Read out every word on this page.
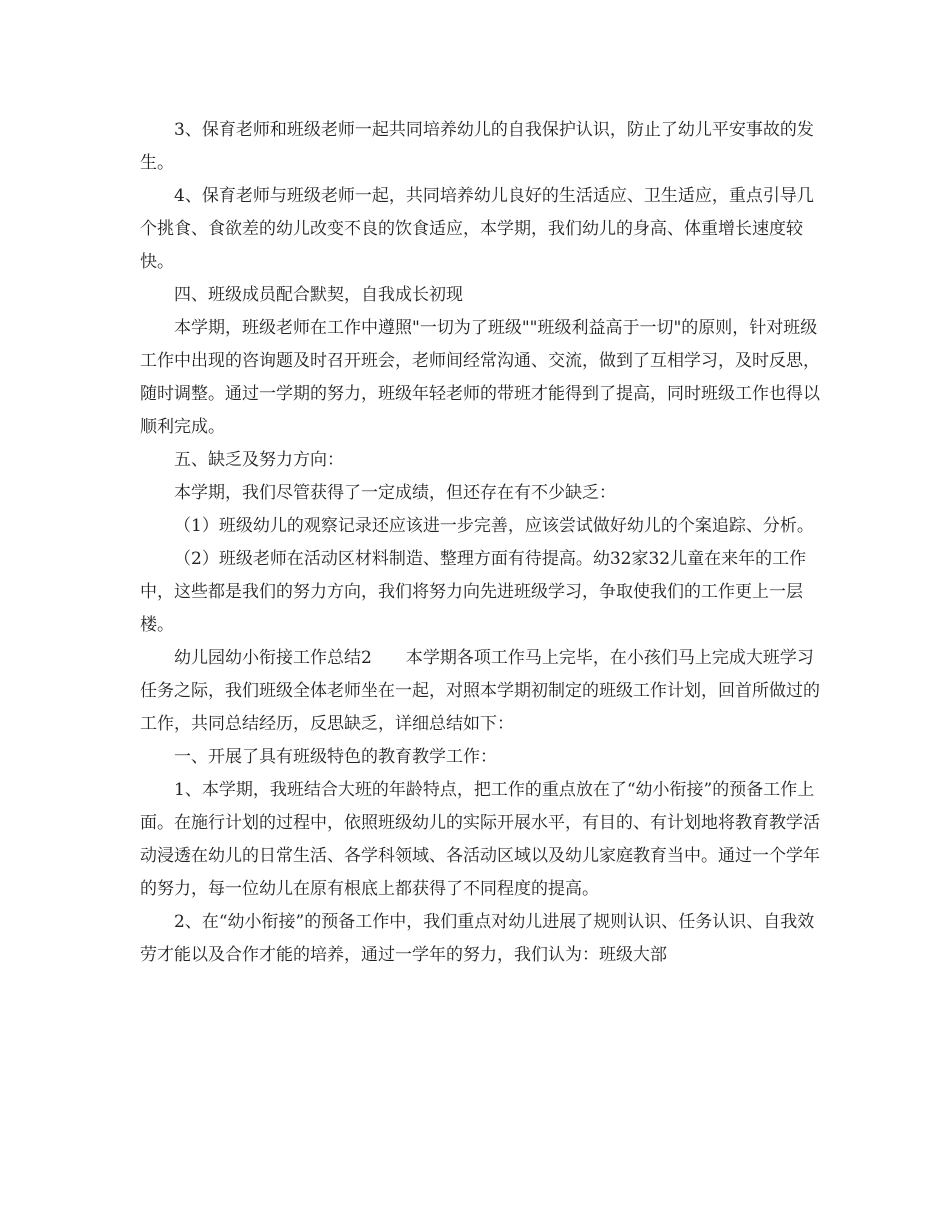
3、保育老师和班级老师一起共同培养幼儿的自我保护认识，防止了幼儿平安事故的发生。

4、保育老师与班级老师一起，共同培养幼儿良好的生活适应、卫生适应，重点引导几个挑食、食欲差的幼儿改变不良的饮食适应，本学期，我们幼儿的身高、体重增长速度较快。

四、班级成员配合默契，自我成长初现

本学期，班级老师在工作中遵照"一切为了班级""班级利益高于一切"的原则，针对班级工作中出现的咨询题及时召开班会，老师间经常沟通、交流，做到了互相学习，及时反思，随时调整。通过一学期的努力，班级年轻老师的带班才能得到了提高，同时班级工作也得以顺利完成。

五、缺乏及努力方向：

本学期，我们尽管获得了一定成绩，但还存在有不少缺乏：

（1）班级幼儿的观察记录还应该进一步完善，应该尝试做好幼儿的个案追踪、分析。

（2）班级老师在活动区材料制造、整理方面有待提高。幼32家32儿童在来年的工作中，这些都是我们的努力方向，我们将努力向先进班级学习，争取使我们的工作更上一层楼。

幼儿园幼小衔接工作总结2　　本学期各项工作马上完毕，在小孩们马上完成大班学习任务之际，我们班级全体老师坐在一起，对照本学期初制定的班级工作计划，回首所做过的工作，共同总结经历，反思缺乏，详细总结如下：

一、开展了具有班级特色的教育教学工作：

1、本学期，我班结合大班的年龄特点，把工作的重点放在了“幼小衔接”的预备工作上面。在施行计划的过程中，依照班级幼儿的实际开展水平，有目的、有计划地将教育教学活动浸透在幼儿的日常生活、各学科领域、各活动区域以及幼儿家庭教育当中。通过一个学年的努力，每一位幼儿在原有根底上都获得了不同程度的提高。

2、在“幼小衔接”的预备工作中，我们重点对幼儿进展了规则认识、任务认识、自我效劳才能以及合作才能的培养，通过一学年的努力，我们认为：班级大部
